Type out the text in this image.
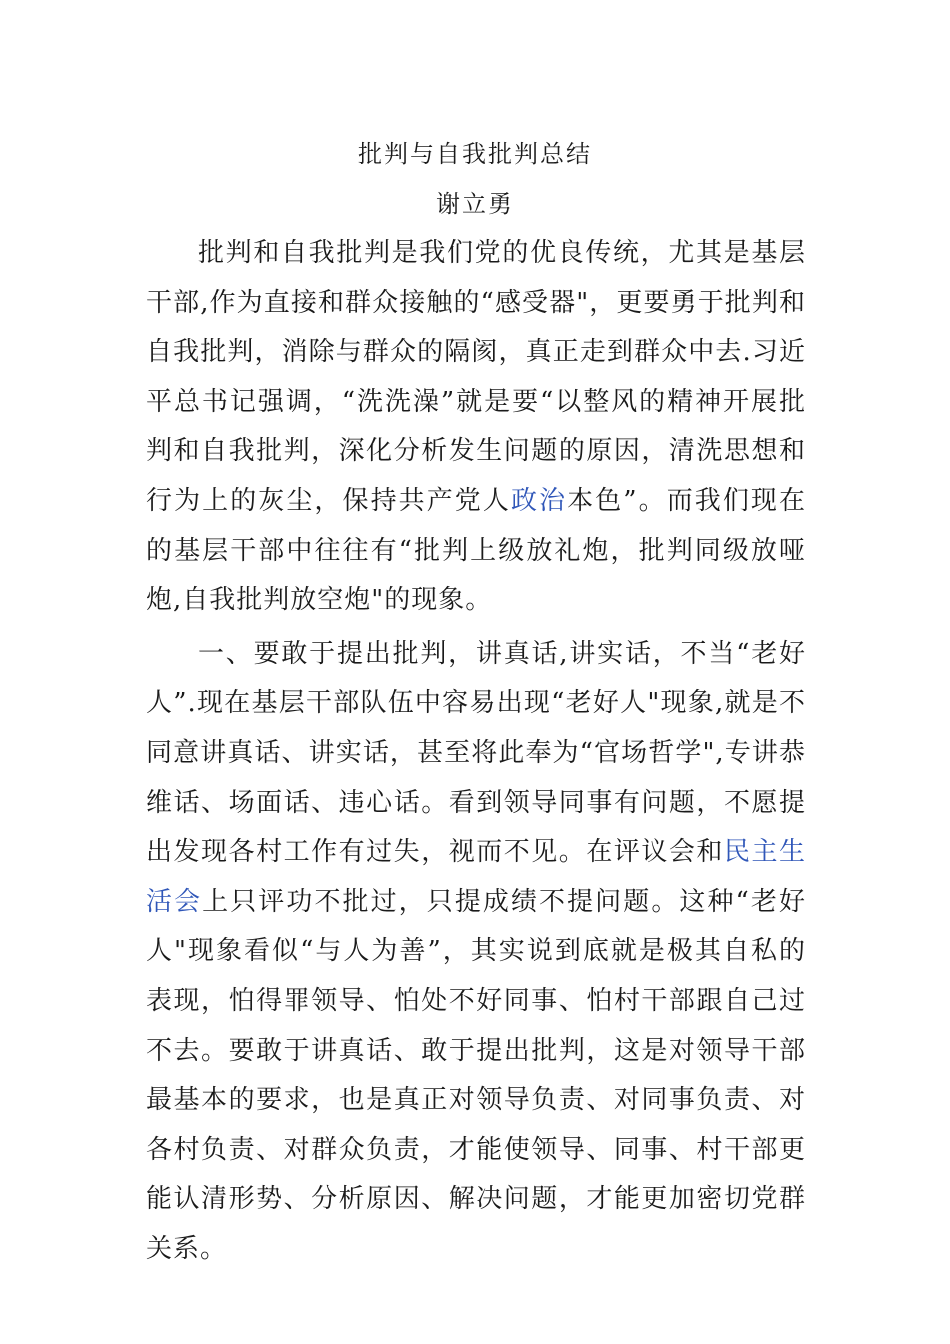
批判与自我批判总结
谢立勇

批判和自我批判是我们党的优良传统，尤其是基层干部,作为直接和群众接触的“感受器"，更要勇于批判和自我批判，消除与群众的隔阂，真正走到群众中去.习近平总书记强调，“洗洗澡”就是要“以整风的精神开展批判和自我批判，深化分析发生问题的原因，清洗思想和行为上的灰尘，保持共产党人政治本色”。而我们现在的基层干部中往往有“批判上级放礼炮，批判同级放哑炮,自我批判放空炮"的现象。

一、要敢于提出批判，讲真话,讲实话，不当“老好人”.现在基层干部队伍中容易出现“老好人"现象,就是不同意讲真话、讲实话，甚至将此奉为“官场哲学",专讲恭维话、场面话、违心话。看到领导同事有问题，不愿提出发现各村工作有过失，视而不见。在评议会和民主生活会上只评功不批过，只提成绩不提问题。这种“老好人"现象看似“与人为善”，其实说到底就是极其自私的表现，怕得罪领导、怕处不好同事、怕村干部跟自己过不去。要敢于讲真话、敢于提出批判，这是对领导干部最基本的要求，也是真正对领导负责、对同事负责、对各村负责、对群众负责，才能使领导、同事、村干部更能认清形势、分析原因、解决问题，才能更加密切党群关系。
